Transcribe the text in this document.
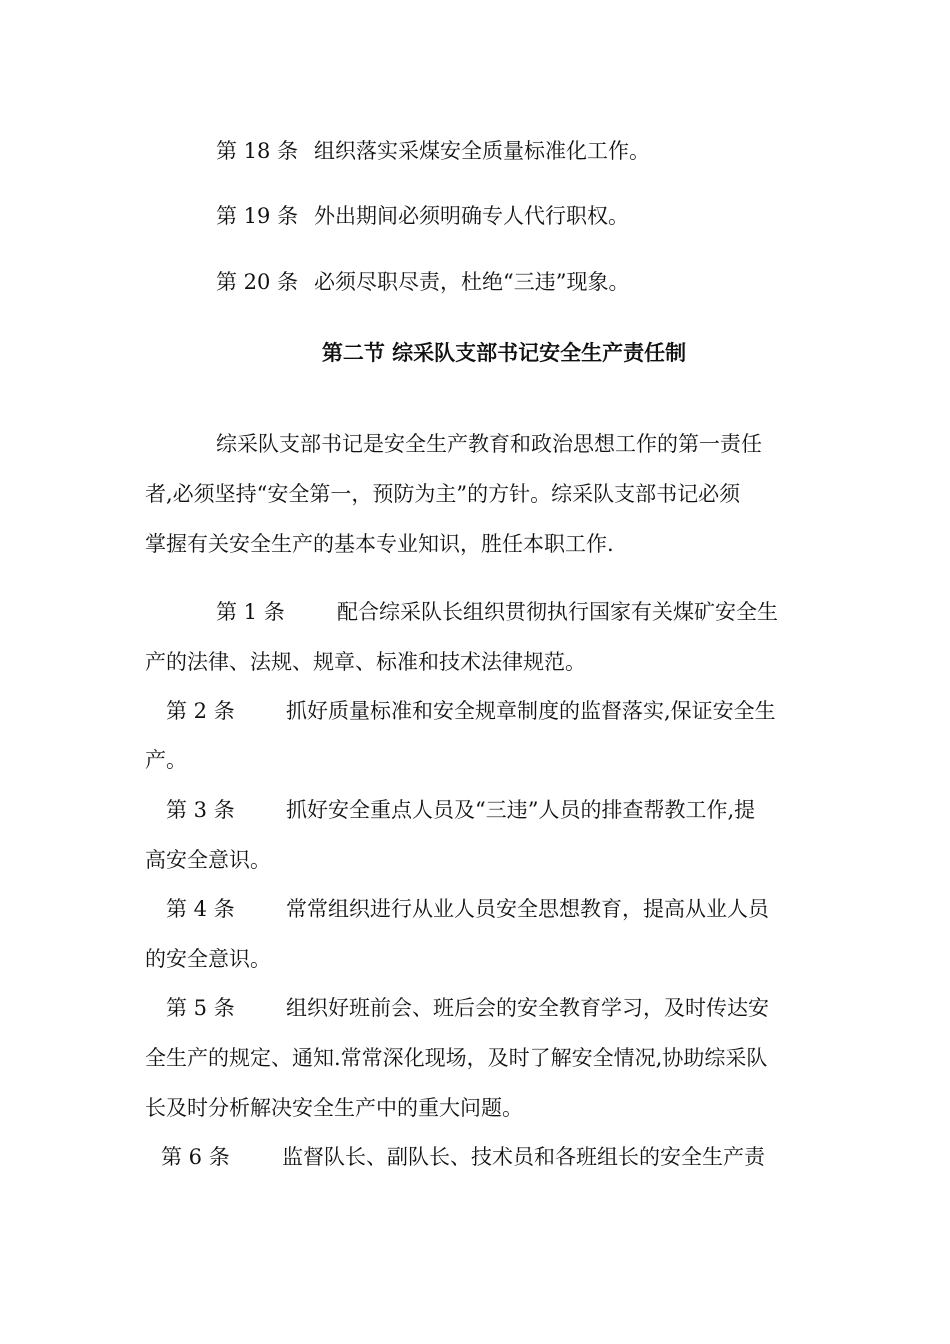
第 18 条 组织落实采煤安全质量标准化工作。
第 19 条 外出期间必须明确专人代行职权。
第 20 条 必须尽职尽责，杜绝“三违”现象。
第二节 综采队支部书记安全生产责任制
综采队支部书记是安全生产教育和政治思想工作的第一责任
者,必须坚持“安全第一，预防为主”的方针。综采队支部书记必须
掌握有关安全生产的基本专业知识，胜任本职工作.
第 1 条 配合综采队长组织贯彻执行国家有关煤矿安全生
产的法律、法规、规章、标准和技术法律规范。
第 2 条 抓好质量标准和安全规章制度的监督落实,保证安全生
产。
第 3 条 抓好安全重点人员及“三违”人员的排查帮教工作,提
高安全意识。
第 4 条 常常组织进行从业人员安全思想教育，提高从业人员
的安全意识。
第 5 条 组织好班前会、班后会的安全教育学习，及时传达安
全生产的规定、通知.常常深化现场，及时了解安全情况,协助综采队
长及时分析解决安全生产中的重大问题。
第 6 条 监督队长、副队长、技术员和各班组长的安全生产责
